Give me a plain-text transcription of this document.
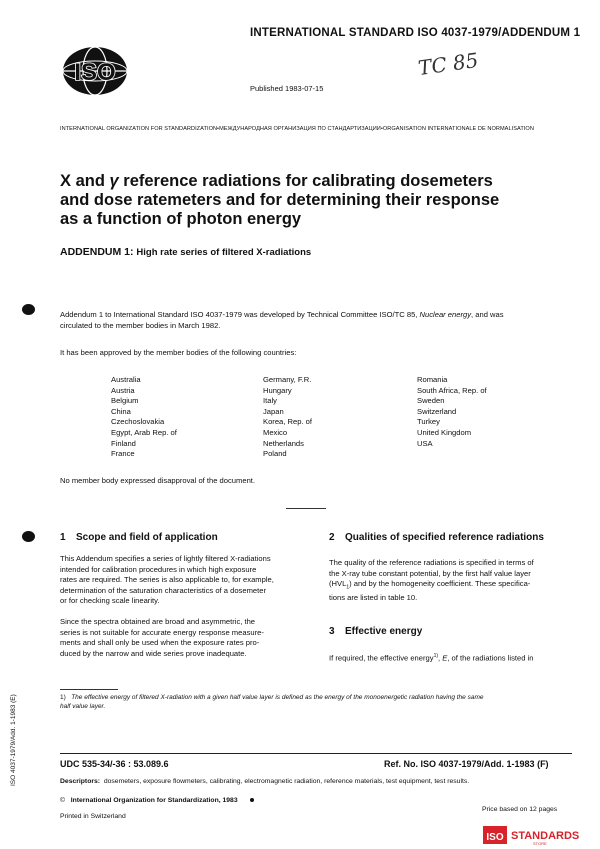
INTERNATIONAL STANDARD ISO 4037-1979/ADDENDUM 1
ISO
Published 1983-07-15
TC 85
INTERNATIONAL ORGANIZATION FOR STANDARDIZATION•МЕЖДУНАРОДНАЯ ОРГАНИЗАЦИЯ ПО СТАНДАРТИЗАЦИИ•ORGANISATION INTERNATIONALE DE NORMALISATION
X and γ reference radiations for calibrating dosemeters
and dose ratemeters and for determining their response
as a function of photon energy
ADDENDUM 1: High rate series of filtered X-radiations
Addendum 1 to International Standard ISO 4037-1979 was developed by Technical Committee ISO/TC 85, Nuclear energy, and was
circulated to the member bodies in March 1982.
It has been approved by the member bodies of the following countries:
Australia
Austria
Belgium
China
Czechoslovakia
Egypt, Arab Rep. of
Finland
France
Germany, F.R.
Hungary
Italy
Japan
Korea, Rep. of
Mexico
Netherlands
Poland
Romania
South Africa, Rep. of
Sweden
Switzerland
Turkey
United Kingdom
USA
No member body expressed disapproval of the document.
1 Scope and field of application
This Addendum specifies a series of lightly filtered X-radiations
intended for calibration procedures in which high exposure
rates are required. The series is also applicable to, for example,
determination of the saturation characteristics of a dosemeter
or for checking scale linearity.
Since the spectra obtained are broad and asymmetric, the
series is not suitable for accurate energy response measure-
ments and shall only be used when the exposure rates pro-
duced by the narrow and wide series prove inadequate.
2 Qualities of specified reference radiations
The quality of the reference radiations is specified in terms of
the X-ray tube constant potential, by the first half value layer
$(HVL_1)$ and by the homogeneity coefficient. These specifica-
tions are listed in table 10.
3 Effective energy
If required, the effective energy$^{1)}$, E, of the radiations listed in
1) The effective energy of filtered X-radiation with a given half value layer is defined as the energy of the monoenergetic radiation having the same
half value layer.
UDC 535-34/-36 : 53.089.6	Ref. No. ISO 4037-1979/Add. 1-1983 (F)
Descriptors: dosemeters, exposure flowmeters, calibrating, electromagnetic radiation, reference materials, test equipment, test results.
© International Organization for Standardization, 1983
Printed in Switzerland
ISO 4037-1979/Add. 1-1983 (E)
Price based on 12 pages
ISO STANDARDS
STORE
